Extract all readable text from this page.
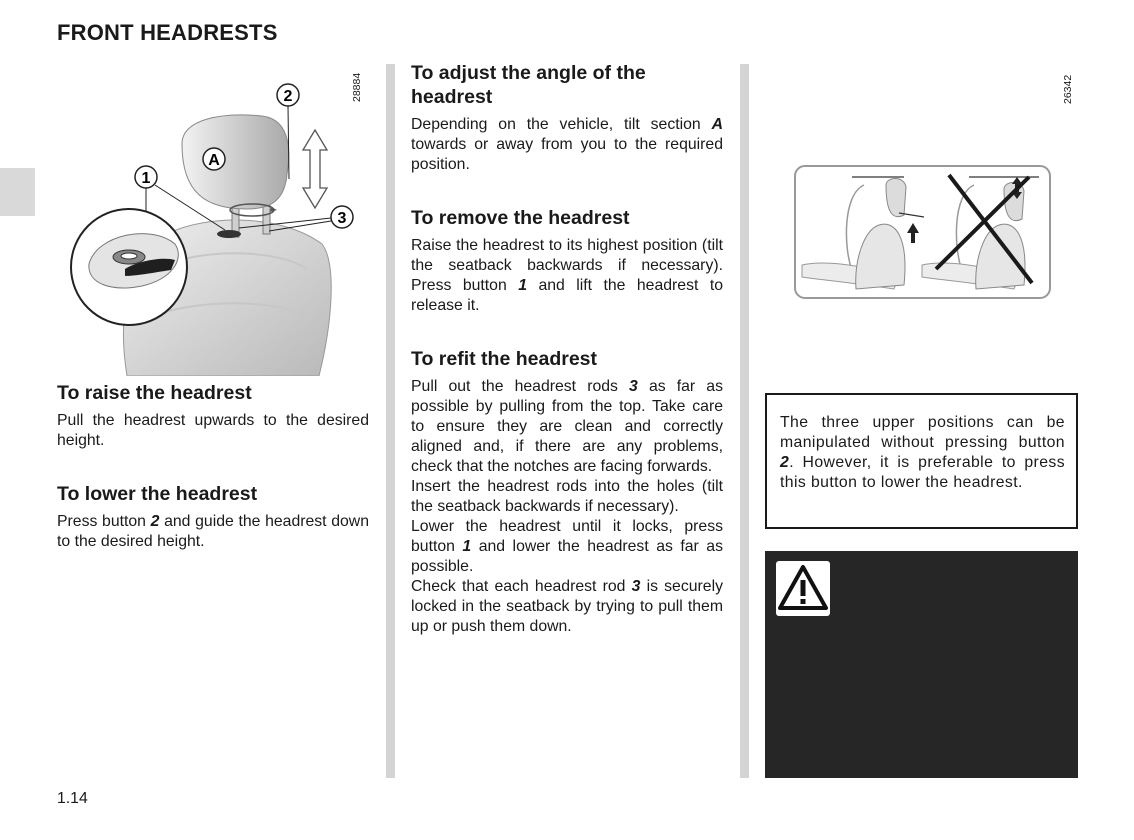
FRONT HEADRESTS
2
A
1
3
28884
To raise the headrest

Pull the headrest upwards to the desired height.

To lower the headrest

Press button 2 and guide the headrest down to the desired height.

To adjust the angle of the headrest

Depending on the vehicle, tilt section A towards or away from you to the required position.

To remove the headrest

Raise the headrest to its highest position (tilt the seatback backwards if necessary). Press button 1 and lift the headrest to release it.

To refit the headrest

Pull out the headrest rods 3 as far as possible by pulling from the top. Take care to ensure they are clean and correctly aligned and, if there are any problems, check that the notches are facing forwards.

Insert the headrest rods into the holes (tilt the seatback backwards if necessary).

Lower the headrest until it locks, press button 1 and lower the headrest as far as possible.

Check that each headrest rod 3 is securely locked in the seatback by trying to pull them up or push them down.

26342

The three upper positions can be manipulated without pressing button 2. However, it is preferable to press this button to lower the headrest.

1.14
